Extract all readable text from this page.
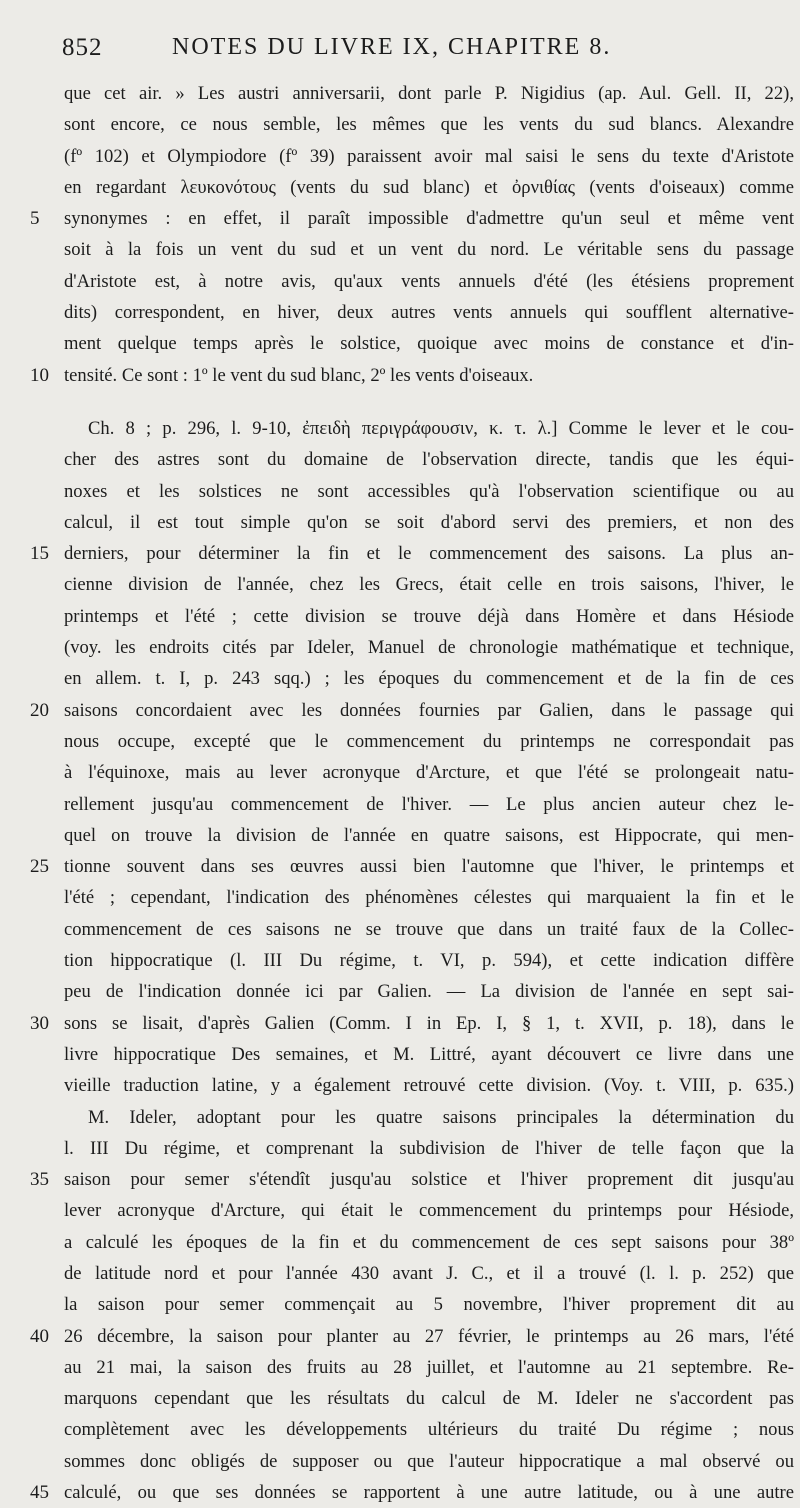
852	NOTES DU LIVRE IX, CHAPITRE 8.
que cet air. » Les austri anniversarii, dont parle P. Nigidius (ap. Aul. Gell. II, 22),
sont encore, ce nous semble, les mêmes que les vents du sud blancs. Alexandre
(fº 102) et Olympiodore (fº 39) paraissent avoir mal saisi le sens du texte d'Aristote
en regardant λευκονότους (vents du sud blanc) et ὀρνιθίας (vents d'oiseaux) comme
5	synonymes : en effet, il paraît impossible d'admettre qu'un seul et même vent
soit à la fois un vent du sud et un vent du nord. Le véritable sens du passage
d'Aristote est, à notre avis, qu'aux vents annuels d'été (les étésiens proprement
dits) correspondent, en hiver, deux autres vents annuels qui soufflent alternative-
ment quelque temps après le solstice, quoique avec moins de constance et d'in-
10 tensité. Ce sont : 1º le vent du sud blanc, 2º les vents d'oiseaux.
Ch. 8 ; p. 296, l. 9-10, ἐπειδὴ περιγράφουσιν, κ. τ. λ.] Comme le lever et le cou-
cher des astres sont du domaine de l'observation directe, tandis que les équi-
noxes et les solstices ne sont accessibles qu'à l'observation scientifique ou au
calcul, il est tout simple qu'on se soit d'abord servi des premiers, et non des
15 derniers, pour déterminer la fin et le commencement des saisons. La plus an-
cienne division de l'année, chez les Grecs, était celle en trois saisons, l'hiver, le
printemps et l'été ; cette division se trouve déjà dans Homère et dans Hésiode
(voy. les endroits cités par Ideler, Manuel de chronologie mathématique et technique,
en allem. t. I, p. 243 sqq.) ; les époques du commencement et de la fin de ces
20 saisons concordaient avec les données fournies par Galien, dans le passage qui
nous occupe, excepté que le commencement du printemps ne correspondait pas
à l'équinoxe, mais au lever acronyque d'Arcture, et que l'été se prolongeait natu-
rellement jusqu'au commencement de l'hiver. — Le plus ancien auteur chez le-
quel on trouve la division de l'année en quatre saisons, est Hippocrate, qui men-
25 tionne souvent dans ses œuvres aussi bien l'automne que l'hiver, le printemps et
l'été ; cependant, l'indication des phénomènes célestes qui marquaient la fin et le
commencement de ces saisons ne se trouve que dans un traité faux de la Collec-
tion hippocratique (l. III Du régime, t. VI, p. 594), et cette indication diffère
peu de l'indication donnée ici par Galien. — La division de l'année en sept sai-
30 sons se lisait, d'après Galien (Comm. I in Ep. I, § 1, t. XVII, p. 18), dans le
livre hippocratique Des semaines, et M. Littré, ayant découvert ce livre dans une
vieille traduction latine, y a également retrouvé cette division. (Voy. t. VIII, p. 635.)
M. Ideler, adoptant pour les quatre saisons principales la détermination du
l. III Du régime, et comprenant la subdivision de l'hiver de telle façon que la
35 saison pour semer s'étendît jusqu'au solstice et l'hiver proprement dit jusqu'au
lever acronyque d'Arcture, qui était le commencement du printemps pour Hésiode,
a calculé les époques de la fin et du commencement de ces sept saisons pour 38º
de latitude nord et pour l'année 430 avant J. C., et il a trouvé (l. l. p. 252) que
la saison pour semer commençait au 5 novembre, l'hiver proprement dit au
40 26 décembre, la saison pour planter au 27 février, le printemps au 26 mars, l'été
au 21 mai, la saison des fruits au 28 juillet, et l'automne au 21 septembre. Re-
marquons cependant que les résultats du calcul de M. Ideler ne s'accordent pas
complètement avec les développements ultérieurs du traité Du régime ; nous
sommes donc obligés de supposer ou que l'auteur hippocratique a mal observé ou
45 calculé, ou que ses données se rapportent à une autre latitude, ou à une autre
